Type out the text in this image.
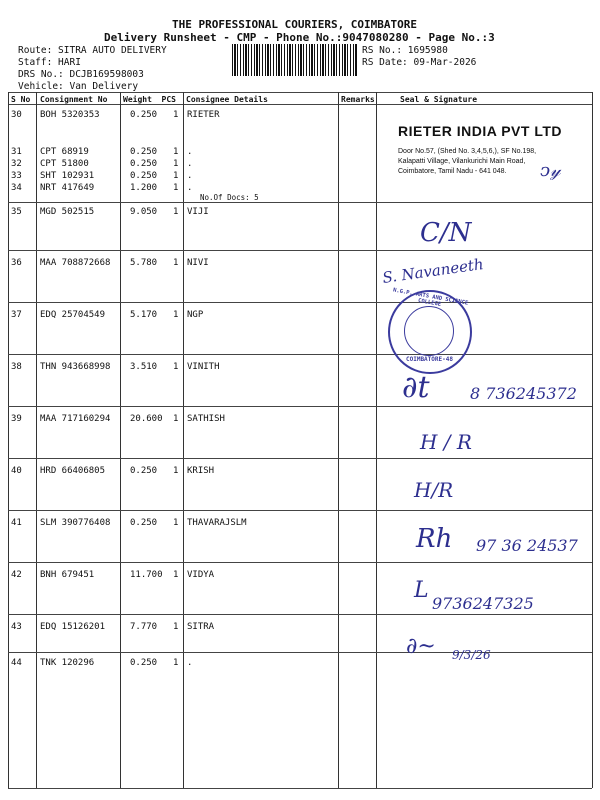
THE PROFESSIONAL COURIERS, COIMBATORE
Delivery Runsheet - CMP - Phone No.:9047080280 - Page No.:3
Route: SITRA AUTO DELIVERY
Staff: HARI
DRS No.: DCJB169598003
Vehicle: Van Delivery
RS No.: 1695980
RS Date: 09-Mar-2026
S No Consignment No Weight  PCS Consignee Details	Remarks	Seal & Signature
30 BOH 5320353	0.250 1 RIETER
31 CPT 68919	0.250 1 .
32 CPT 51800	0.250 1 .
33 SHT 102931	0.250 1 .
34 NRT 417649	1.200 1 .
35 MGD 502515	9.050 1 VIJI
36 MAA 708872668 5.780 1 NIVI
37 EDQ 25704549	5.170 1 NGP
38 THN 943668998 3.510 1 VINITH
39 MAA 717160294 20.600 1 SATHISH
40 HRD 66406805	0.250 1 KRISH
41 SLM 390776408 0.250 1 THAVARAJSLM
42 BNH 679451	11.700 1 VIDYA
43 EDQ 15126201	7.770 1 SITRA
44 TNK 120296	0.250 1 .
No.Of Docs: 5
RIETER INDIA PVT LTD
Door No.57, (Shed No. 3,4,5,6,), SF No.198,
Kalapatti Village, Vilankurichi Main Road,
Coimbatore, Tamil Nadu - 641 048.	ↄ𝓎
N.G.P. ARTS AND SCIENCE COLLEGE
COIMBATORE-48
C/N
S. Navaneeth
8 736245372
∂t
H / R
H/R
97 36 24537
Rh
9736247325
L
9/3/26
∂~
